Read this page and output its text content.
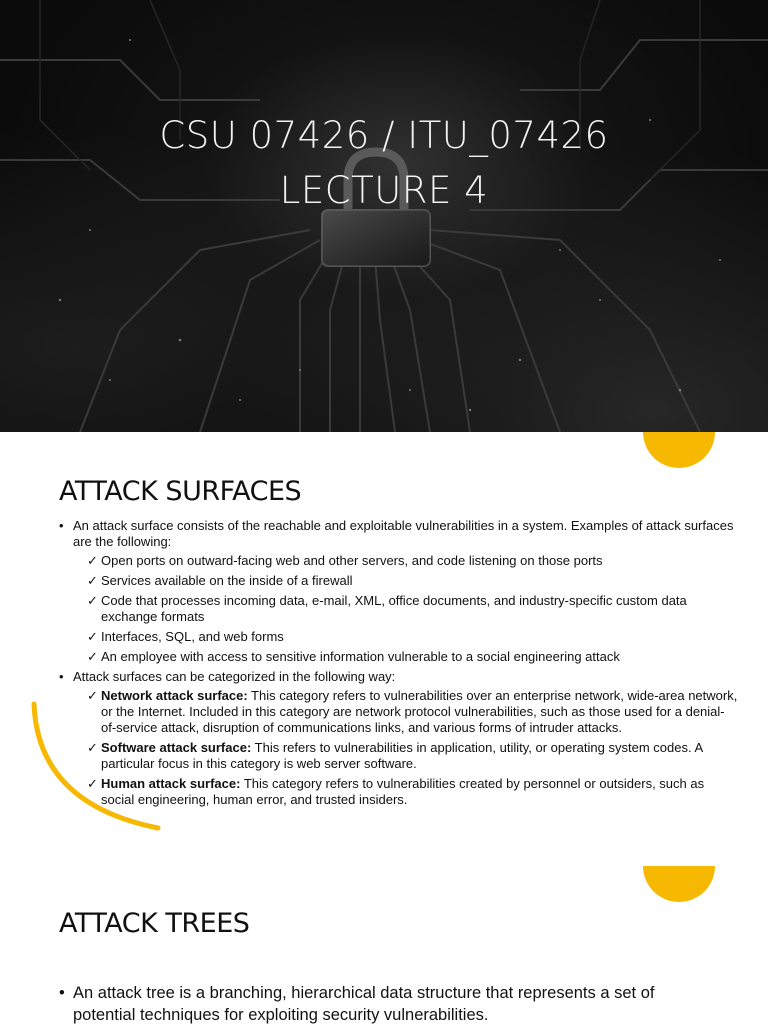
CSU 07426 / ITU_07426
LECTURE 4
ATTACK SURFACES
• An attack surface consists of the reachable and exploitable vulnerabilities in a system. Examples of attack surfaces are the following:
✓ Open ports on outward-facing web and other servers, and code listening on those ports
✓ Services available on the inside of a firewall
✓ Code that processes incoming data, e-mail, XML, office documents, and industry-specific custom data exchange formats
✓ Interfaces, SQL, and web forms
✓ An employee with access to sensitive information vulnerable to a social engineering attack
• Attack surfaces can be categorized in the following way:
✓ Network attack surface: This category refers to vulnerabilities over an enterprise network, wide-area network, or the Internet. Included in this category are network protocol vulnerabilities, such as those used for a denial-of-service attack, disruption of communications links, and various forms of intruder attacks.
✓ Software attack surface: This refers to vulnerabilities in application, utility, or operating system codes. A particular focus in this category is web server software.
✓ Human attack surface: This category refers to vulnerabilities created by personnel or outsiders, such as social engineering, human error, and trusted insiders.
ATTACK TREES
• An attack tree is a branching, hierarchical data structure that represents a set of potential techniques for exploiting security vulnerabilities.
